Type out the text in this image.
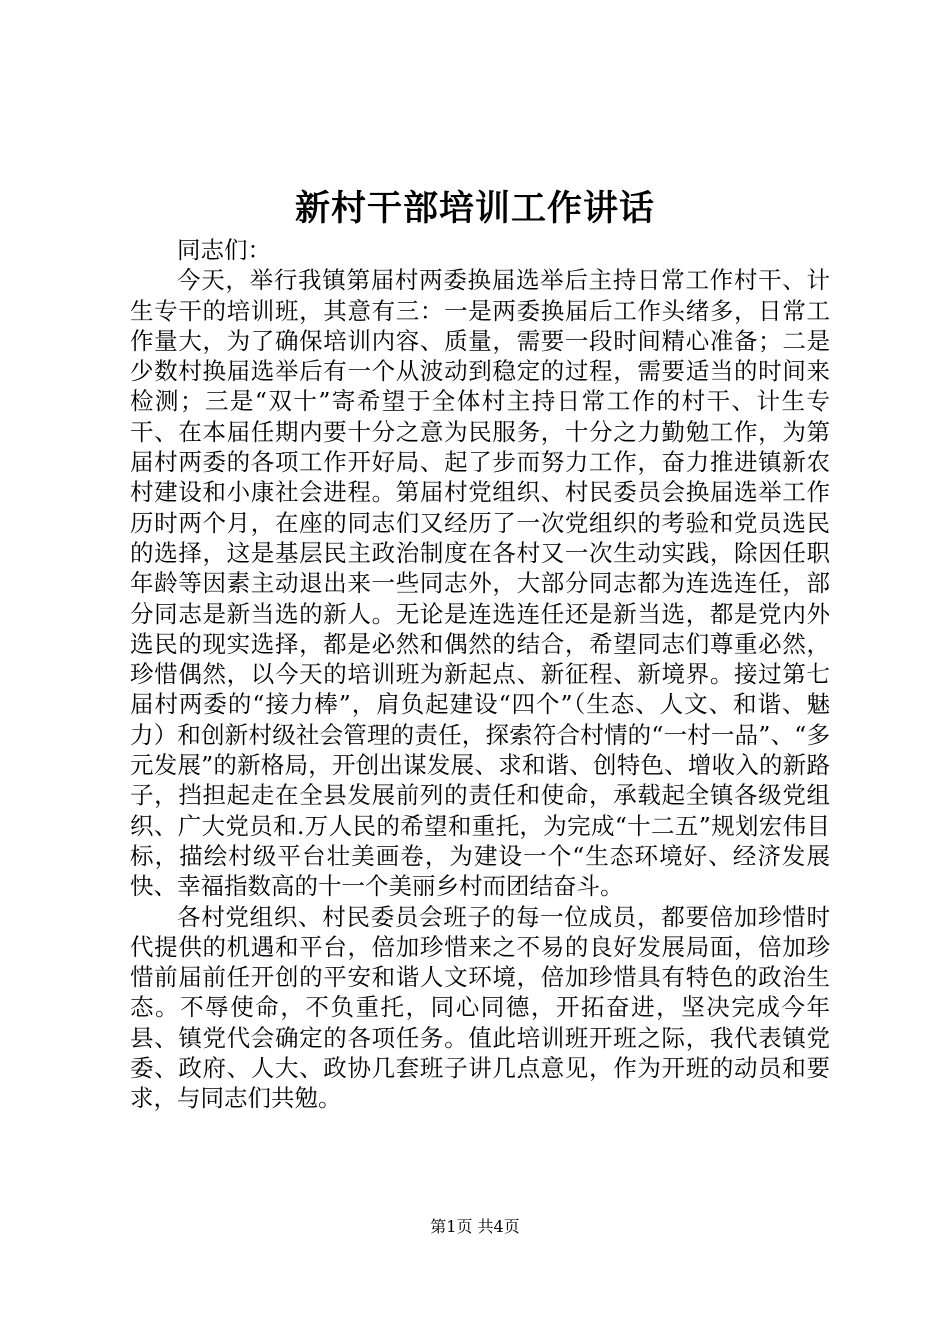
新村干部培训工作讲话

同志们：

今天，举行我镇第届村两委换届选举后主持日常工作村干、计生专干的培训班，其意有三：一是两委换届后工作头绪多，日常工作量大，为了确保培训内容、质量，需要一段时间精心准备；二是少数村换届选举后有一个从波动到稳定的过程，需要适当的时间来检测；三是“双十”寄希望于全体村主持日常工作的村干、计生专干、在本届任期内要十分之意为民服务，十分之力勤勉工作，为第届村两委的各项工作开好局、起了步而努力工作，奋力推进镇新农村建设和小康社会进程。第届村党组织、村民委员会换届选举工作历时两个月，在座的同志们又经历了一次党组织的考验和党员选民的选择，这是基层民主政治制度在各村又一次生动实践，除因任职年龄等因素主动退出来一些同志外，大部分同志都为连选连任，部分同志是新当选的新人。无论是连选连任还是新当选，都是党内外选民的现实选择，都是必然和偶然的结合，希望同志们尊重必然，珍惜偶然，以今天的培训班为新起点、新征程、新境界。接过第七届村两委的“接力棒”，肩负起建设“四个”（生态、人文、和谐、魅力）和创新村级社会管理的责任，探索符合村情的“一村一品”、“多元发展”的新格局，开创出谋发展、求和谐、创特色、增收入的新路子，挡担起走在全县发展前列的责任和使命，承载起全镇各级党组织、广大党员和.万人民的希望和重托，为完成“十二五”规划宏伟目标，描绘村级平台壮美画卷，为建设一个“生态环境好、经济发展快、幸福指数高的十一个美丽乡村而团结奋斗。

各村党组织、村民委员会班子的每一位成员，都要倍加珍惜时代提供的机遇和平台，倍加珍惜来之不易的良好发展局面，倍加珍惜前届前任开创的平安和谐人文环境，倍加珍惜具有特色的政治生态。不辱使命，不负重托，同心同德，开拓奋进，坚决完成今年县、镇党代会确定的各项任务。值此培训班开班之际，我代表镇党委、政府、人大、政协几套班子讲几点意见，作为开班的动员和要求，与同志们共勉。

第1页 共4页
